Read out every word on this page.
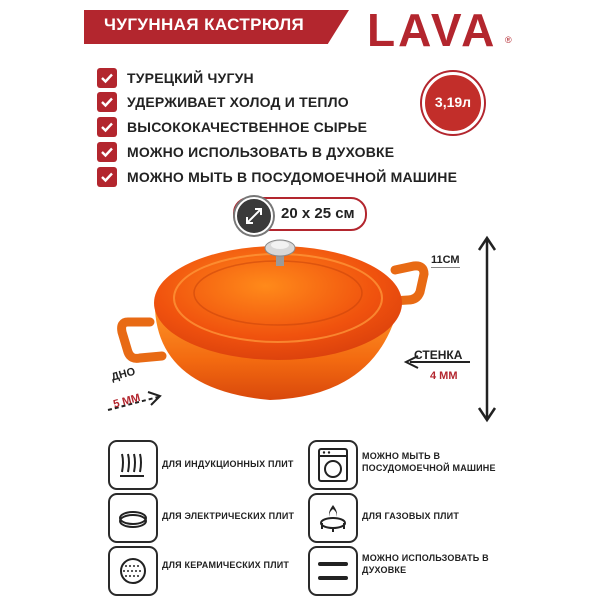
ЧУГУННАЯ КАСТРЮЛЯ LAVA ®
ТУРЕЦКИЙ ЧУГУН
УДЕРЖИВАЕТ ХОЛОД И ТЕПЛО
ВЫСОКОКАЧЕСТВЕННОЕ СЫРЬЕ
МОЖНО ИСПОЛЬЗОВАТЬ В ДУХОВКЕ
МОЖНО МЫТЬ В ПОСУДОМОЕЧНОЙ МАШИНЕ
3,19л
20 x 25 см
11СМ
СТЕНКА
4 ММ
ДНО
5 ММ
ДЛЯ ИНДУКЦИОННЫХ ПЛИТ
МОЖНО МЫТЬ В ПОСУДОМОЕЧНОЙ МАШИНЕ
ДЛЯ ЭЛЕКТРИЧЕСКИХ ПЛИТ	ДЛЯ ГАЗОВЫХ ПЛИТ
ДЛЯ КЕРАМИЧЕСКИХ ПЛИТ
МОЖНО ИСПОЛЬЗОВАТЬ В ДУХОВКЕ
